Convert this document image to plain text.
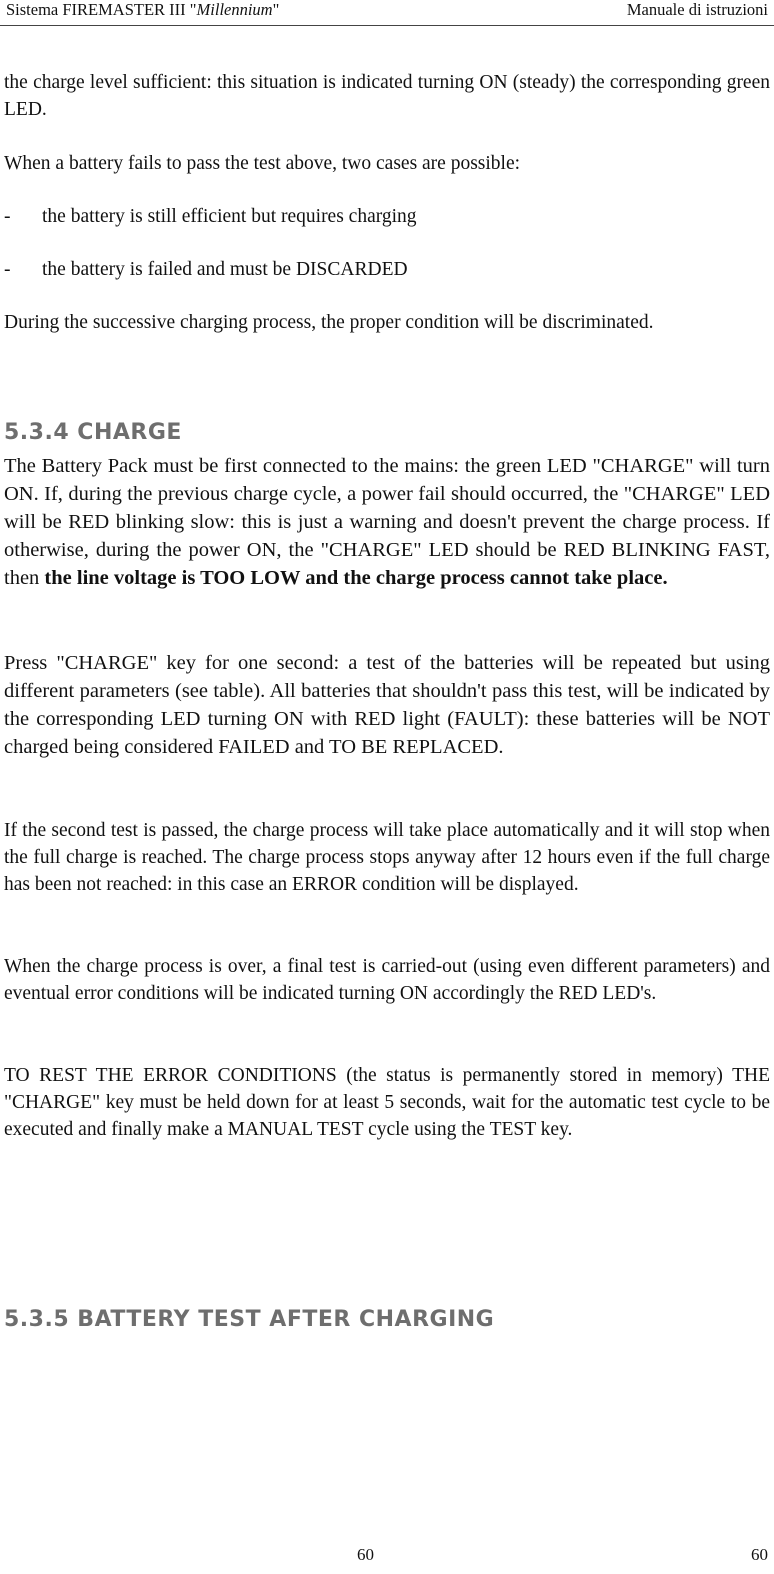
Sistema FIREMASTER III "Millennium"	Manuale di istruzioni
the charge level sufficient: this situation is indicated turning ON (steady) the corresponding green LED.
When a battery fails to pass the test above, two cases are possible:
- the battery is still efficient but requires charging
- the battery is failed and must be DISCARDED
During the successive charging process, the proper condition will be discriminated.
5.3.4 CHARGE
The Battery Pack must be first connected to the mains: the green LED "CHARGE" will turn ON. If, during the previous charge cycle, a power fail should occurred, the "CHARGE" LED will be RED blinking slow: this is just a warning and doesn't prevent the charge process. If otherwise, during the power ON, the "CHARGE" LED should be RED BLINKING FAST, then the line voltage is TOO LOW and the charge process cannot take place.
Press "CHARGE" key for one second: a test of the batteries will be repeated but using different parameters (see table). All batteries that shouldn't pass this test, will be indicated by the corresponding LED turning ON with RED light (FAULT): these batteries will be NOT charged being considered FAILED and TO BE REPLACED.
If the second test is passed, the charge process will take place automatically and it will stop when the full charge is reached. The charge process stops anyway after 12 hours even if the full charge has been not reached: in this case an ERROR condition will be displayed.
When the charge process is over, a final test is carried-out (using even different parameters) and eventual error conditions will be indicated turning ON accordingly the RED LED's.
TO REST THE ERROR CONDITIONS (the status is permanently stored in memory) THE "CHARGE" key must be held down for at least 5 seconds, wait for the automatic test cycle to be executed and finally make a MANUAL TEST cycle using the TEST key.
5.3.5 BATTERY TEST AFTER CHARGING
60	60
